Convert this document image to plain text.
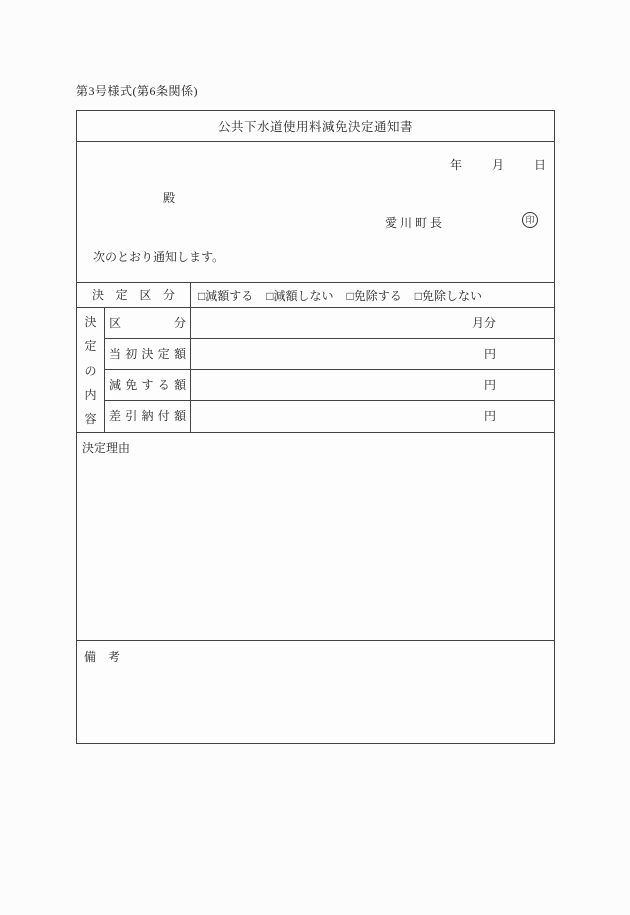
第3号様式(第6条関係)
公共下水道使用料減免決定通知書
年	月	日
殿
愛川町長	印
次のとおり通知します。
決定区分	□減額する □減額しない □免除する □免除しない
決
定
の
内
容
区分	月分
当初決定額	円
減免する額	円
差引納付額	円
決定理由
備　考
